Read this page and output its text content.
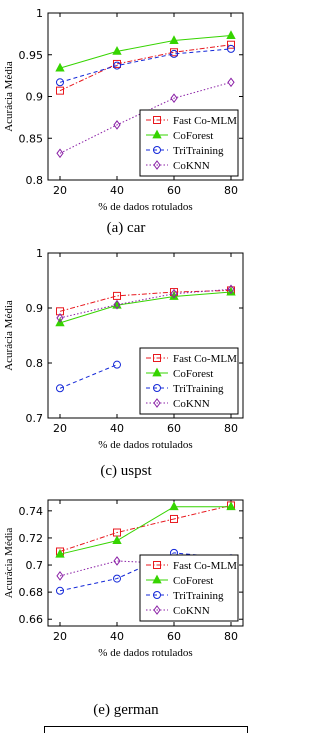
0.8
0.85
0.9
0.95
1
20	40	60	80
% de dados rotulados
Acurácia Média	Fast Co-MLM
CoForest
TriTraining
CoKNN
(a) car
0.7
0.8
0.9
1
20	40	60	80
% de dados rotulados
Acurácia Média	Fast Co-MLM
CoForest
TriTraining
CoKNN
(c) uspst
0.66
0.68
0.7
0.72
0.74
20	40	60	80
% de dados rotulados
Acurácia Média	Fast Co-MLM
CoForest
TriTraining
CoKNN
(e) german
